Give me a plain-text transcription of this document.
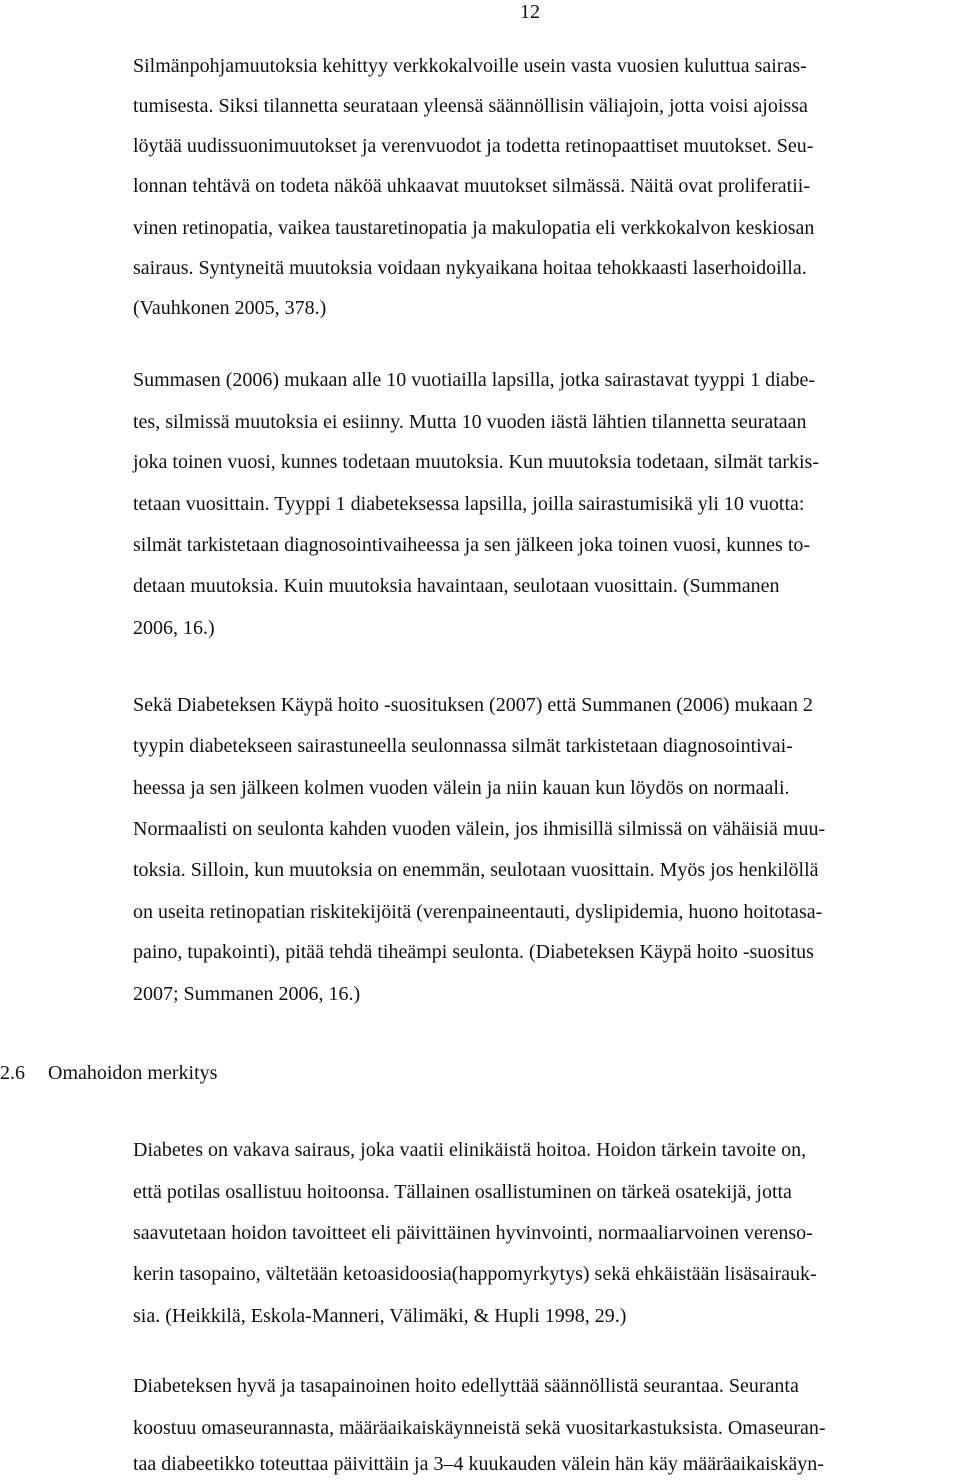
12

Silmänpohjamuutoksia kehittyy verkkokalvoille usein vasta vuosien kuluttua sairas-

tumisesta. Siksi tilannetta seurataan yleensä säännöllisin väliajoin, jotta voisi ajoissa

löytää uudissuonimuutokset ja verenvuodot ja todetta retinopaattiset muutokset. Seu-

lonnan tehtävä on todeta näköä uhkaavat muutokset silmässä. Näitä ovat proliferatii-

vinen retinopatia, vaikea taustaretinopatia ja makulopatia eli verkkokalvon keskiosan

sairaus. Syntyneitä muutoksia voidaan nykyaikana hoitaa tehokkaasti laserhoidoilla.

(Vauhkonen 2005, 378.)

Summasen (2006) mukaan alle 10 vuotiailla lapsilla, jotka sairastavat tyyppi 1 diabe-

tes, silmissä muutoksia ei esiinny. Mutta 10 vuoden iästä lähtien tilannetta seurataan

joka toinen vuosi, kunnes todetaan muutoksia. Kun muutoksia todetaan, silmät tarkis-

tetaan vuosittain. Tyyppi 1 diabeteksessa lapsilla, joilla sairastumisikä yli 10 vuotta:

silmät tarkistetaan diagnosointivaiheessa ja sen jälkeen joka toinen vuosi, kunnes to-

detaan muutoksia. Kuin muutoksia havaintaan, seulotaan vuosittain. (Summanen

2006, 16.)

Sekä Diabeteksen Käypä hoito -suosituksen (2007) että Summanen (2006) mukaan 2

tyypin diabetekseen sairastuneella seulonnassa silmät tarkistetaan diagnosointivai-

heessa ja sen jälkeen kolmen vuoden välein ja niin kauan kun löydös on normaali.

Normaalisti on seulonta kahden vuoden välein, jos ihmisillä silmissä on vähäisiä muu-

toksia. Silloin, kun muutoksia on enemmän, seulotaan vuosittain. Myös jos henkilöllä

on useita retinopatian riskitekijöitä (verenpaineentauti, dyslipidemia, huono hoitotasa-

paino, tupakointi), pitää tehdä tiheämpi seulonta. (Diabeteksen Käypä hoito -suositus

2007; Summanen 2006, 16.)

2.6 Omahoidon merkitys

Diabetes on vakava sairaus, joka vaatii elinikäistä hoitoa. Hoidon tärkein tavoite on,

että potilas osallistuu hoitoonsa. Tällainen osallistuminen on tärkeä osatekijä, jotta

saavutetaan hoidon tavoitteet eli päivittäinen hyvinvointi, normaaliarvoinen verenso-

kerin tasopaino, vältetään ketoasidoosia(happomyrkytys) sekä ehkäistään lisäsairauk-

sia. (Heikkilä, Eskola-Manneri, Välimäki, & Hupli 1998, 29.)

Diabeteksen hyvä ja tasapainoinen hoito edellyttää säännöllistä seurantaa. Seuranta

koostuu omaseurannasta, määräaikaiskäynneistä sekä vuositarkastuksista. Omaseuran-

taa diabeetikko toteuttaa päivittäin ja 3–4 kuukauden välein hän käy määräaikaiskäyn-
